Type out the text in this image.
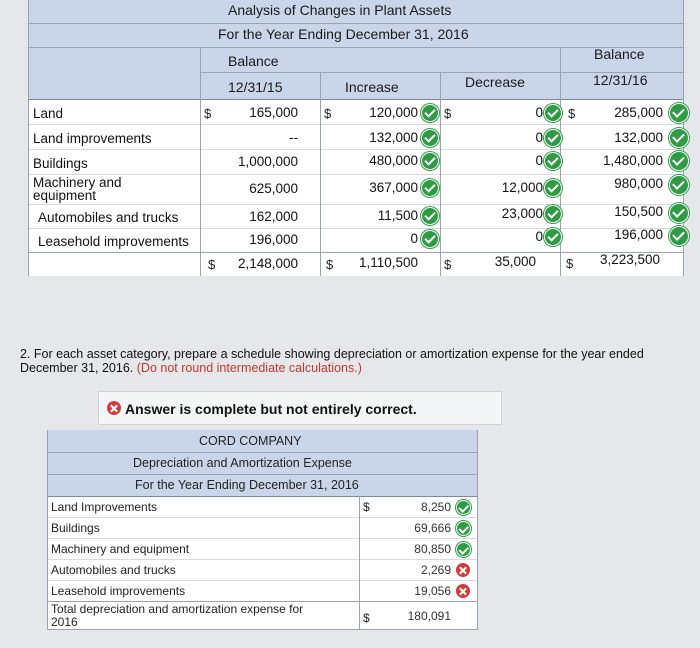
Analysis of Changes in Plant Assets
For the Year Ending December 31, 2016
Balance
12/31/15	Increase	Decrease
Balance
12/31/16
Land	$	165,000 $	120,000 $	0 $	285,000
Land improvements	--	132,000	0	132,000
Buildings	1,000,000	480,000	0	1,480,000
Machinery and equipment	625,000	367,000	12,000	980,000
Automobiles and trucks	162,000	11,500	23,000	150,500
Leasehold improvements	196,000	0	0	196,000
$	2,148,000 $	1,110,500 $	35,000 $	3,223,500
2. For each asset category, prepare a schedule showing depreciation or amortization expense for the year ended December 31, 2016. (Do not round intermediate calculations.)
Answer is complete but not entirely correct.
CORD COMPANY
Depreciation and Amortization Expense
For the Year Ending December 31, 2016
Land Improvements	$	8,250
Buildings	69,666
Machinery and equipment	80,850
Automobiles and trucks	2,269
Leasehold improvements	19,056
Total depreciation and amortization expense for
2016	$	180,091
